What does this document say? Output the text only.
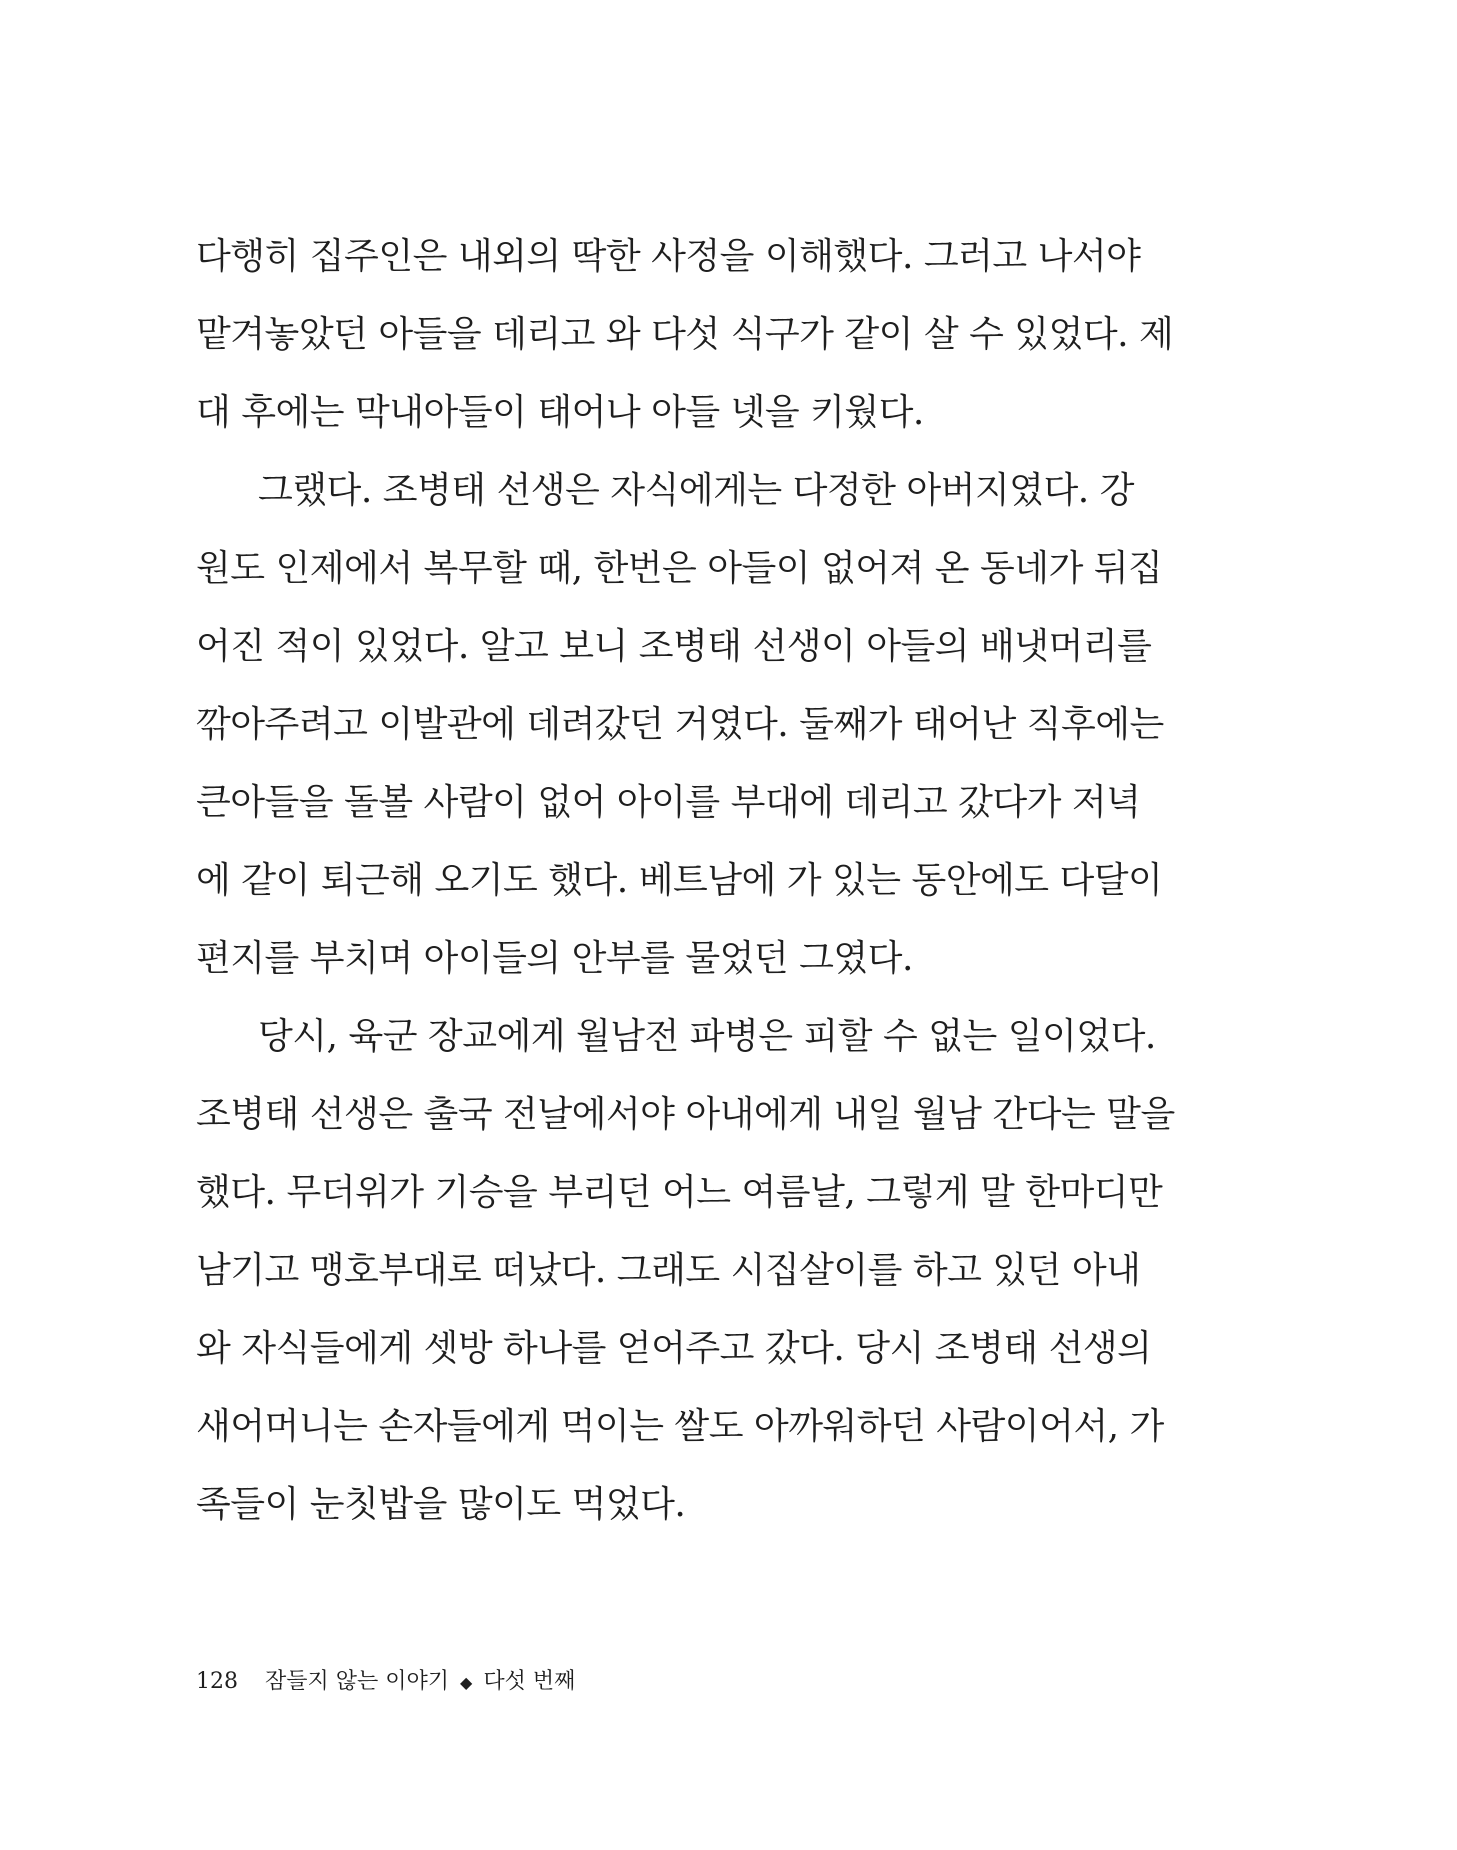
다행히 집주인은 내외의 딱한 사정을 이해했다. 그러고 나서야
맡겨놓았던 아들을 데리고 와 다섯 식구가 같이 살 수 있었다. 제
대 후에는 막내아들이 태어나 아들 넷을 키웠다.
그랬다. 조병태 선생은 자식에게는 다정한 아버지였다. 강
원도 인제에서 복무할 때, 한번은 아들이 없어져 온 동네가 뒤집
어진 적이 있었다. 알고 보니 조병태 선생이 아들의 배냇머리를
깎아주려고 이발관에 데려갔던 거였다. 둘째가 태어난 직후에는
큰아들을 돌볼 사람이 없어 아이를 부대에 데리고 갔다가 저녁
에 같이 퇴근해 오기도 했다. 베트남에 가 있는 동안에도 다달이
편지를 부치며 아이들의 안부를 물었던 그였다.
당시, 육군 장교에게 월남전 파병은 피할 수 없는 일이었다.
조병태 선생은 출국 전날에서야 아내에게 내일 월남 간다는 말을
했다. 무더위가 기승을 부리던 어느 여름날, 그렇게 말 한마디만
남기고 맹호부대로 떠났다. 그래도 시집살이를 하고 있던 아내
와 자식들에게 셋방 하나를 얻어주고 갔다. 당시 조병태 선생의
새어머니는 손자들에게 먹이는 쌀도 아까워하던 사람이어서, 가
족들이 눈칫밥을 많이도 먹었다.
128 잠들지 않는 이야기 ◆ 다섯 번째
